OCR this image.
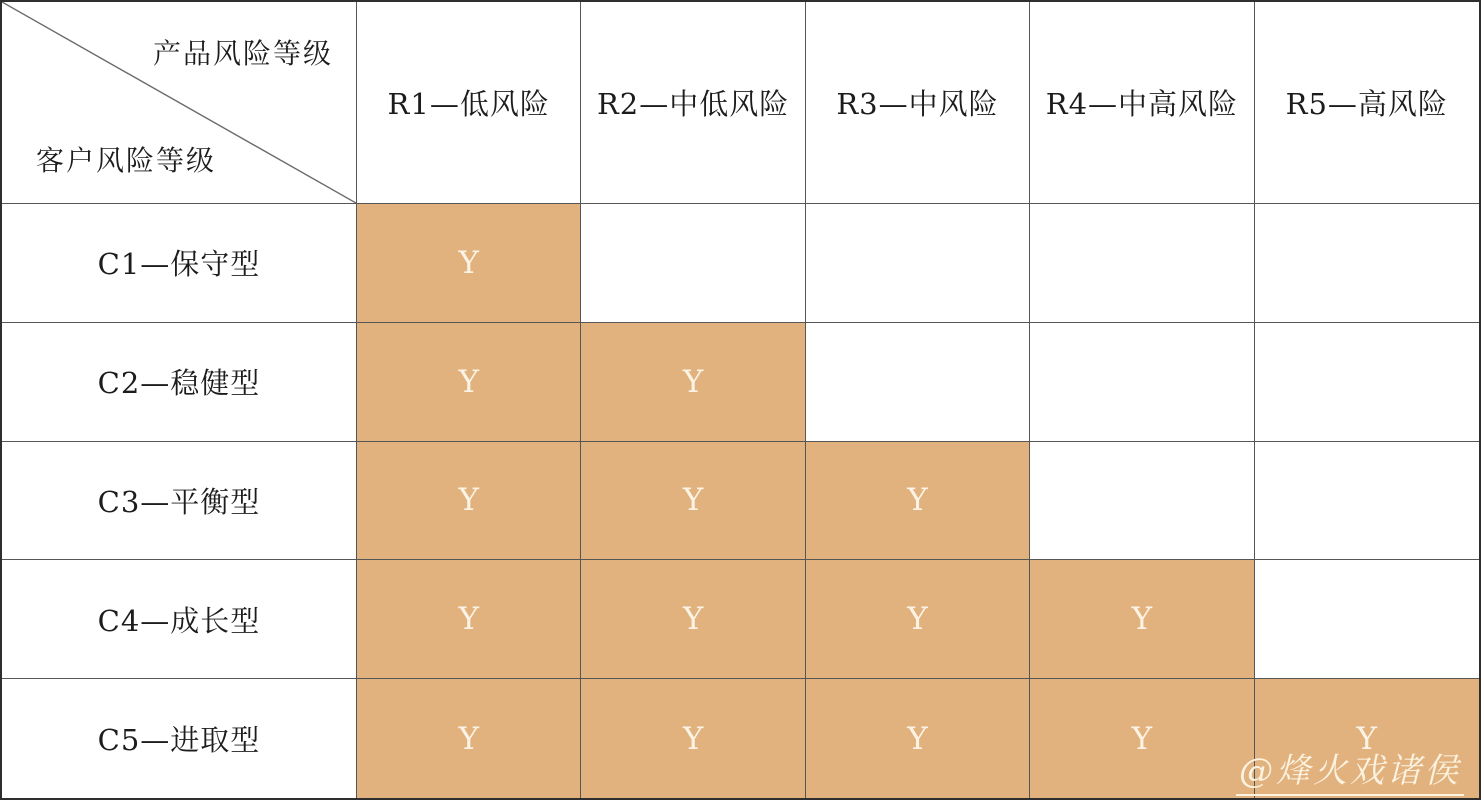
产品风险等级
客户风险等级
R1—低风险	R2—中低风险	R3—中风险	R4—中高风险	R5—高风险
C1—保守型	Y
C2—稳健型	Y	Y
C3—平衡型	Y	Y	Y
C4—成长型	Y	Y	Y	Y
C5—进取型	Y	Y	Y	Y	Y
@烽火戏诸侯
